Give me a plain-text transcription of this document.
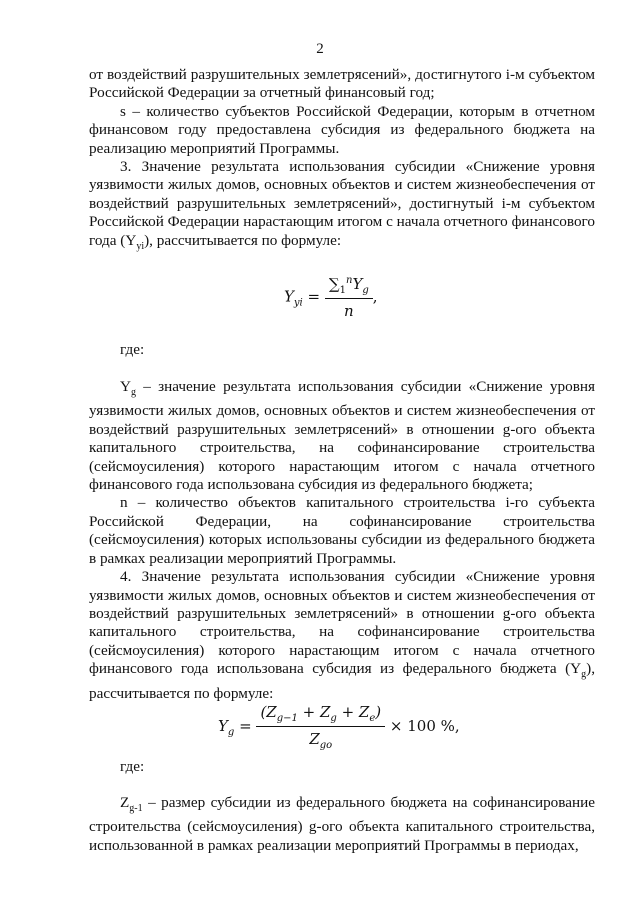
2

от воздействий разрушительных землетрясений», достигнутого i-м субъектом Российской Федерации за отчетный финансовый год;

s – количество субъектов Российской Федерации, которым в отчетном финансовом году предоставлена субсидия из федерального бюджета на реализацию мероприятий Программы.

3. Значение результата использования субсидии «Снижение уровня уязвимости жилых домов, основных объектов и систем жизнеобеспечения от воздействий разрушительных землетрясений», достигнутый i-м субъектом Российской Федерации нарастающим итогом с начала отчетного финансового года $(Y_{yi})$, рассчитывается по формуле:

$Y_{yi} = \frac{\sum_1^nY_g}{n}$ ,

где:

$Y_g$ – значение результата использования субсидии «Снижение уровня уязвимости жилых домов, основных объектов и систем жизнеобеспечения от воздействий разрушительных землетрясений» в отношении g-ого объекта капитального строительства, на софинансирование строительства (сейсмоусиления) которого нарастающим итогом с начала отчетного финансового года использована субсидия из федерального бюджета;

n – количество объектов капитального строительства i-го субъекта Российской Федерации, на софинансирование строительства (сейсмоусиления) которых использованы субсидии из федерального бюджета в рамках реализации мероприятий Программы.

4. Значение результата использования субсидии «Снижение уровня уязвимости жилых домов, основных объектов и систем жизнеобеспечения от воздействий разрушительных землетрясений» в отношении g-ого объекта капитального строительства, на софинансирование строительства (сейсмоусиления) которого нарастающим итогом с начала отчетного финансового года использована субсидия из федерального бюджета $(Y_g)$, рассчитывается по формуле:

$Y_g = \frac{(Z_{g-1} + Z_g + Z_e)}{Z_{go}} \times 100$ %,

где:

$Z_{g-1}$ – размер субсидии из федерального бюджета на софинансирование строительства (сейсмоусиления) g-ого объекта капитального строительства, использованной в рамках реализации мероприятий Программы в периодах,
